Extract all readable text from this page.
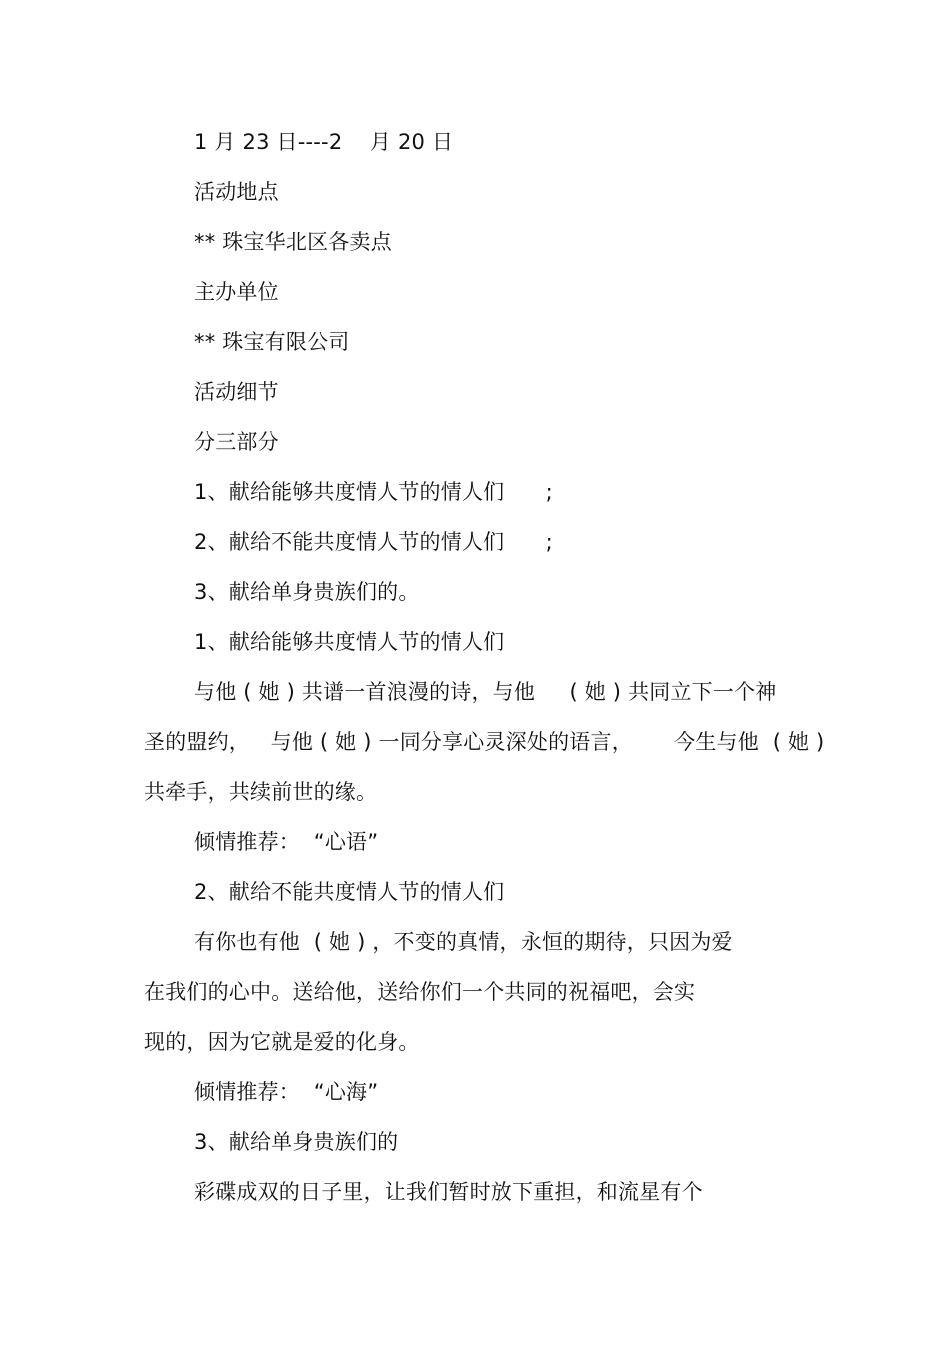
1 月 23 日----2    月 20 日
活动地点
** 珠宝华北区各卖点
主办单位
** 珠宝有限公司
活动细节
分三部分
1、献给能够共度情人节的情人们      ;
2、献给不能共度情人节的情人们      ;
3、献给单身贵族们的。
1、献给能够共度情人节的情人们
与他 ( 她 ) 共谱一首浪漫的诗，与他     ( 她 ) 共同立下一个神
圣的盟约，   与他 ( 她 ) 一同分享心灵深处的语言，      今生与他  ( 她 )
共牵手，共续前世的缘。
倾情推荐：  “心语”
2、献给不能共度情人节的情人们
有你也有他  ( 她 ) ，不变的真情，永恒的期待，只因为爱
在我们的心中。送给他，送给你们一个共同的祝福吧，会实
现的，因为它就是爱的化身。
倾情推荐：  “心海”
3、献给单身贵族们的
彩碟成双的日子里，让我们暂时放下重担，和流星有个
